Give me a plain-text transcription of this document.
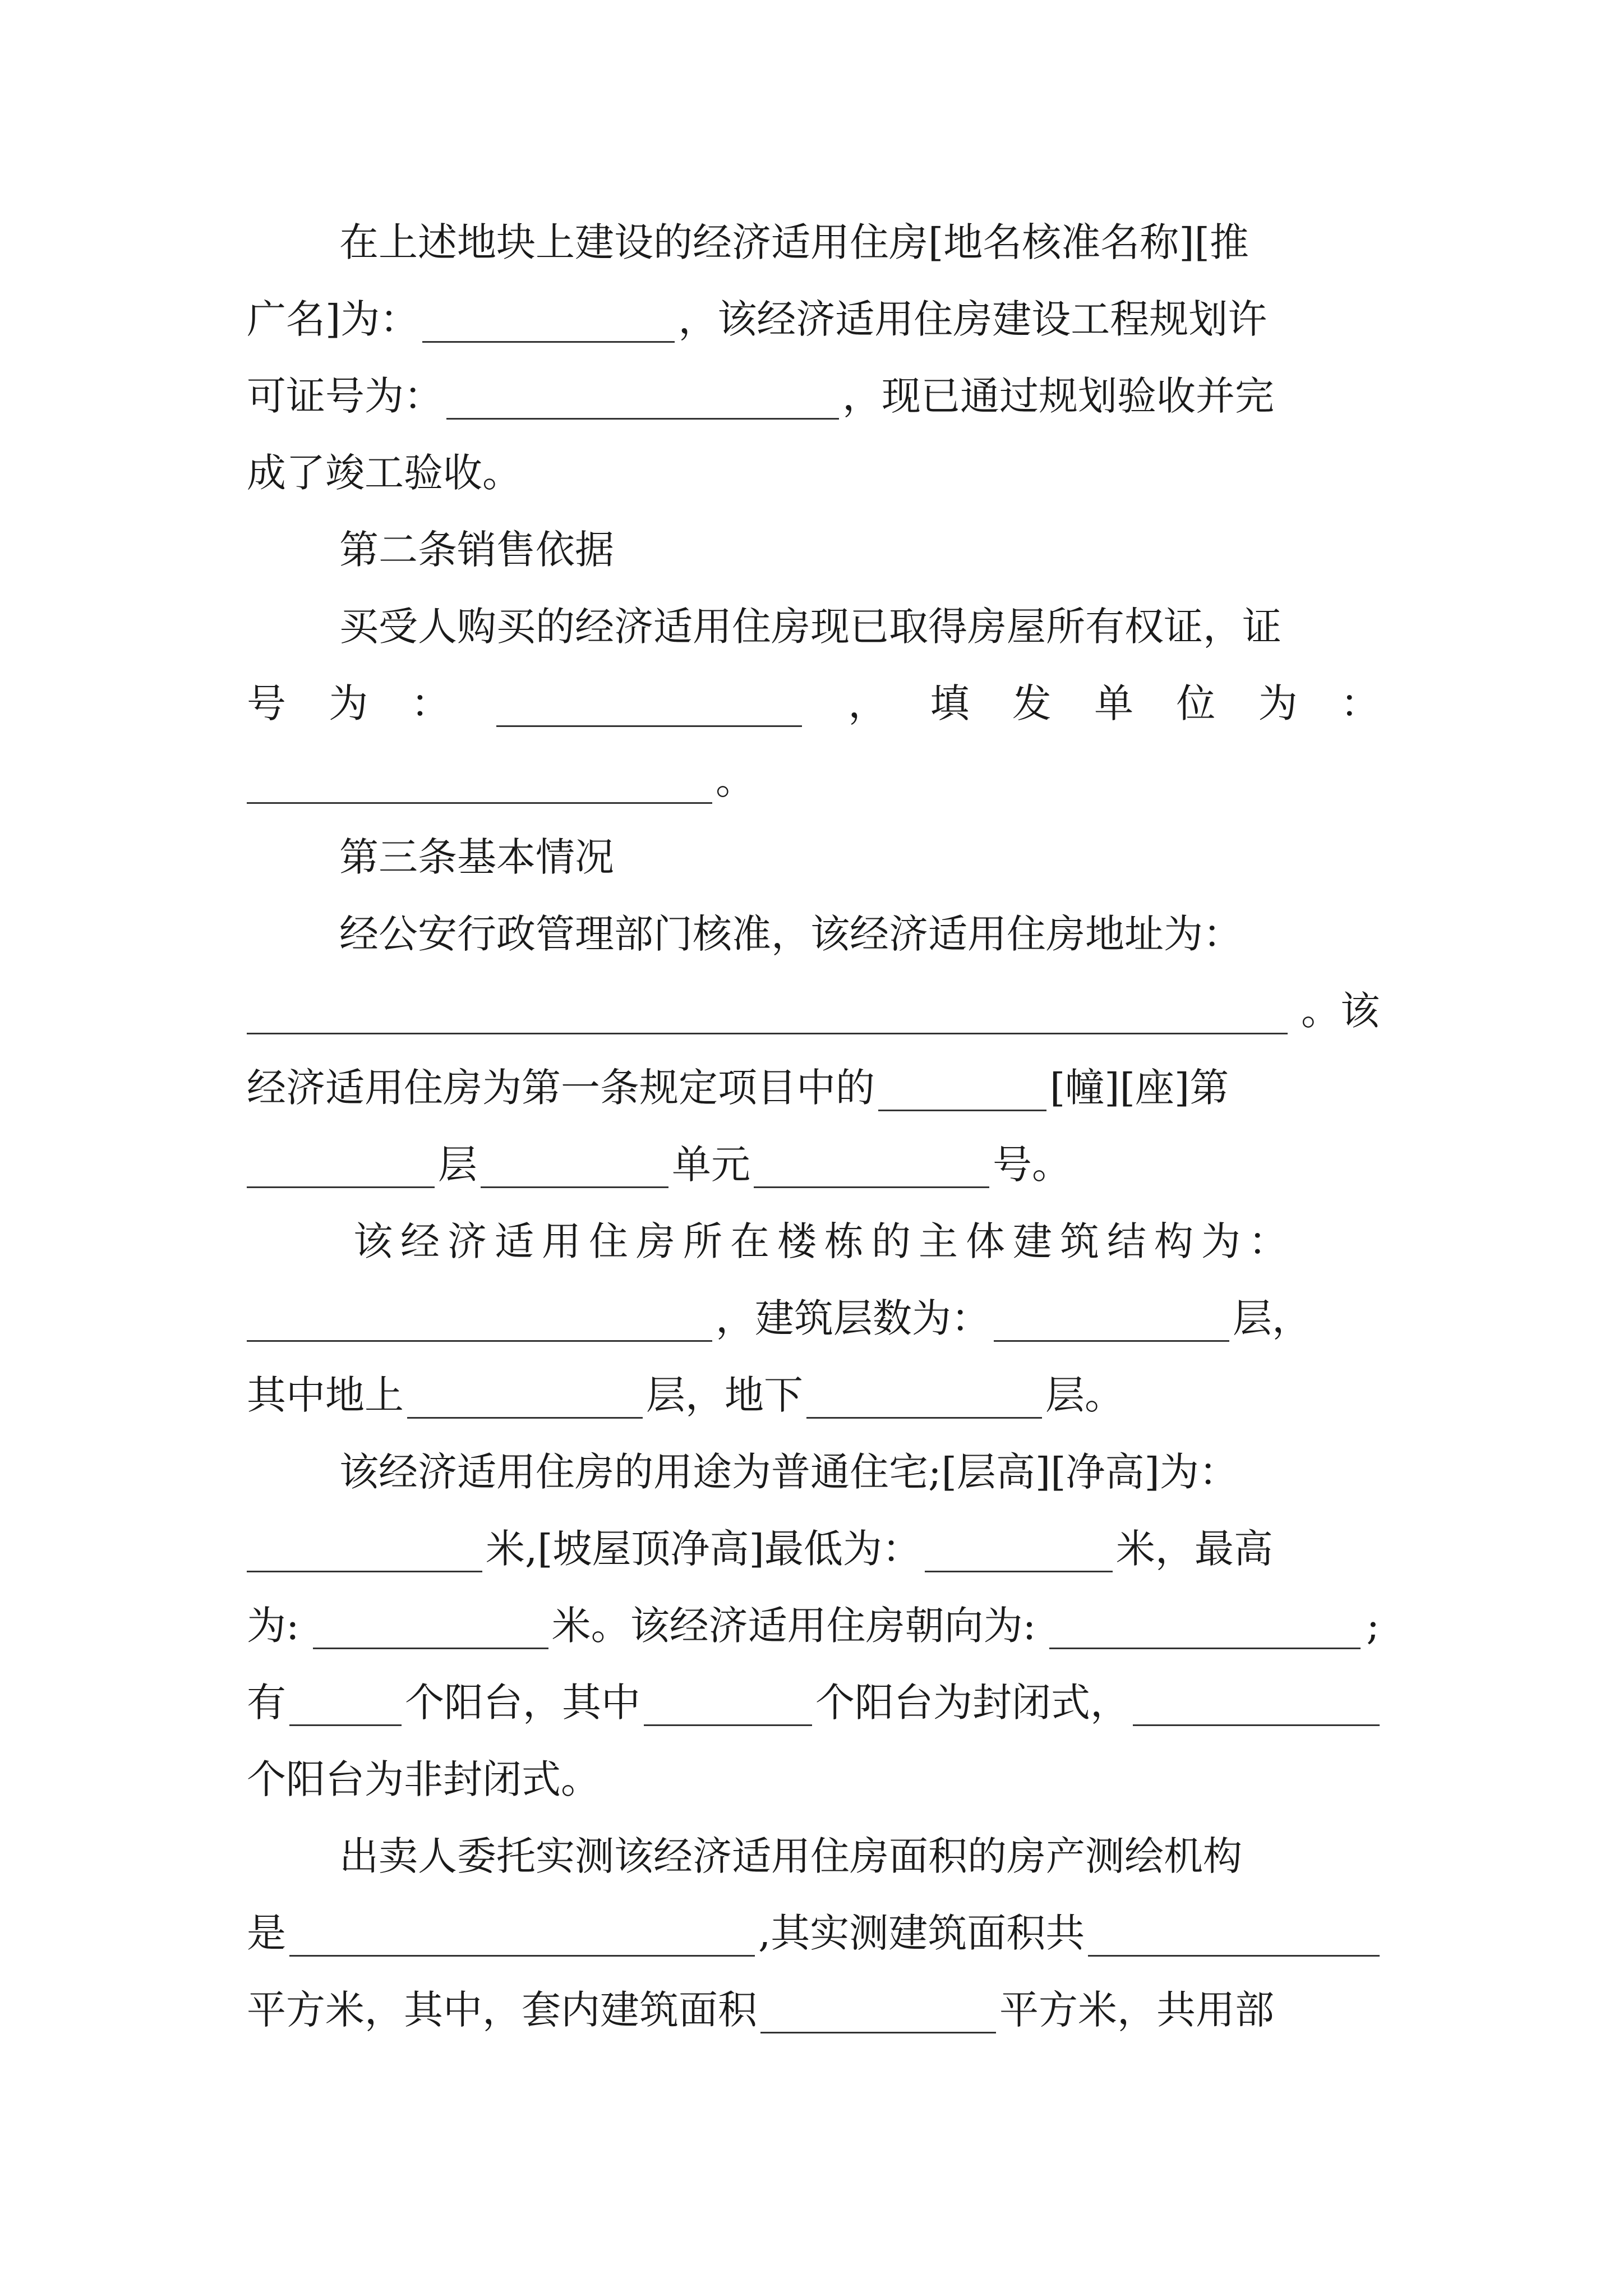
在上述地块上建设的经济适用住房[地名核准名称][推
广名]为：	，该经济适用住房建设工程规划许
可证号为：	，现已通过规划验收并完
成了竣工验收。
第二条销售依据
买受人购买的经济适用住房现已取得房屋所有权证，证
号 为 ：	， 填 发 单 位 为 ：
。
第三条基本情况
经公安行政管理部门核准，该经济适用住房地址为：
。该
经济适用住房为第一条规定项目中的	[幢][座]第
层	单元	号。
该经济适用住房所在楼栋的主体建筑结构为：
，建筑层数为：	层，
其中地上	层，地下	层。
该经济适用住房的用途为普通住宅;[层高][净高]为：
米,[坡屋顶净高]最低为：	米，最高
为:	米。该经济适用住房朝向为:	;
有	个阳台，其中	个阳台为封闭式，
个阳台为非封闭式。
出卖人委托实测该经济适用住房面积的房产测绘机构
是	,其实测建筑面积共
平方米，其中，套内建筑面积	平方米，共用部
